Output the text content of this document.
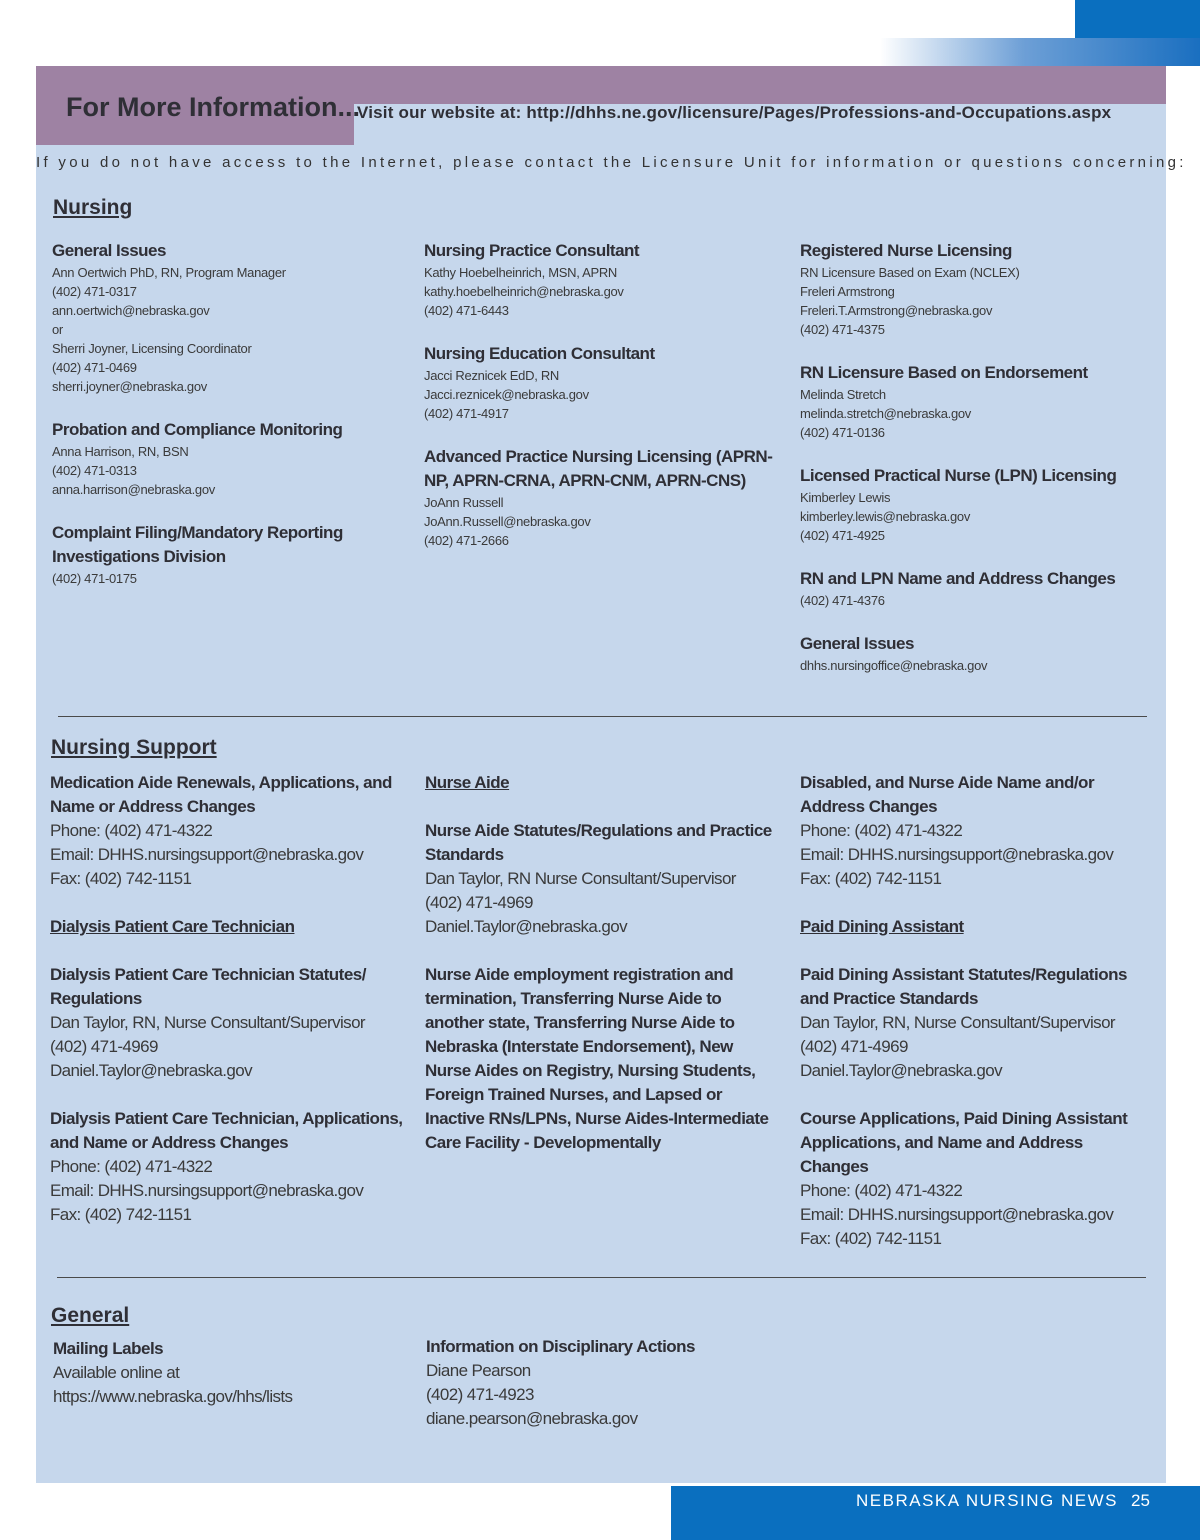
For More Information...
Visit our website at: http://dhhs.ne.gov/licensure/Pages/Professions-and-Occupations.aspx
If you do not have access to the Internet, please contact the Licensure Unit for information or questions concerning:
Nursing
General Issues
Ann Oertwich PhD, RN, Program Manager
(402) 471-0317
ann.oertwich@nebraska.gov
or
Sherri Joyner, Licensing Coordinator
(402) 471-0469
sherri.joyner@nebraska.gov
Probation and Compliance Monitoring
Anna Harrison, RN, BSN
(402) 471-0313
anna.harrison@nebraska.gov
Complaint Filing/Mandatory Reporting Investigations Division
(402) 471-0175
Nursing Practice Consultant
Kathy Hoebelheinrich, MSN, APRN
kathy.hoebelheinrich@nebraska.gov
(402) 471-6443
Nursing Education Consultant
Jacci Reznicek EdD, RN
Jacci.reznicek@nebraska.gov
(402) 471-4917
Advanced Practice Nursing Licensing (APRN-NP, APRN-CRNA, APRN-CNM, APRN-CNS)
JoAnn Russell
JoAnn.Russell@nebraska.gov
(402) 471-2666
Registered Nurse Licensing
RN Licensure Based on Exam (NCLEX)
Freleri Armstrong
Freleri.T.Armstrong@nebraska.gov
(402) 471-4375
RN Licensure Based on Endorsement
Melinda Stretch
melinda.stretch@nebraska.gov
(402) 471-0136
Licensed Practical Nurse (LPN) Licensing
Kimberley Lewis
kimberley.lewis@nebraska.gov
(402) 471-4925
RN and LPN Name and Address Changes
(402) 471-4376
General Issues
dhhs.nursingoffice@nebraska.gov
Nursing Support
Medication Aide Renewals, Applications, and Name or Address Changes
Phone: (402) 471-4322
Email: DHHS.nursingsupport@nebraska.gov
Fax: (402) 742-1151
Dialysis Patient Care Technician
Dialysis Patient Care Technician Statutes/ Regulations
Dan Taylor, RN, Nurse Consultant/Supervisor
(402) 471-4969
Daniel.Taylor@nebraska.gov
Dialysis Patient Care Technician, Applications, and Name or Address Changes
Phone: (402) 471-4322
Email: DHHS.nursingsupport@nebraska.gov
Fax: (402) 742-1151
Nurse Aide
Nurse Aide Statutes/Regulations and Practice Standards
Dan Taylor, RN Nurse Consultant/Supervisor
(402) 471-4969
Daniel.Taylor@nebraska.gov
Nurse Aide employment registration and termination, Transferring Nurse Aide to another state, Transferring Nurse Aide to Nebraska (Interstate Endorsement), New Nurse Aides on Registry, Nursing Students, Foreign Trained Nurses, and Lapsed or Inactive RNs/LPNs, Nurse Aides-Intermediate Care Facility - Developmentally
Disabled, and Nurse Aide Name and/or Address Changes
Phone: (402) 471-4322
Email: DHHS.nursingsupport@nebraska.gov
Fax: (402) 742-1151
Paid Dining Assistant
Paid Dining Assistant Statutes/Regulations and Practice Standards
Dan Taylor, RN, Nurse Consultant/Supervisor
(402) 471-4969
Daniel.Taylor@nebraska.gov
Course Applications, Paid Dining Assistant Applications, and Name and Address Changes
Phone: (402) 471-4322
Email: DHHS.nursingsupport@nebraska.gov
Fax: (402) 742-1151
General
Mailing Labels
Available online at
https://www.nebraska.gov/hhs/lists
Information on Disciplinary Actions
Diane Pearson
(402) 471-4923
diane.pearson@nebraska.gov
NEBRASKA NURSING NEWS 25
